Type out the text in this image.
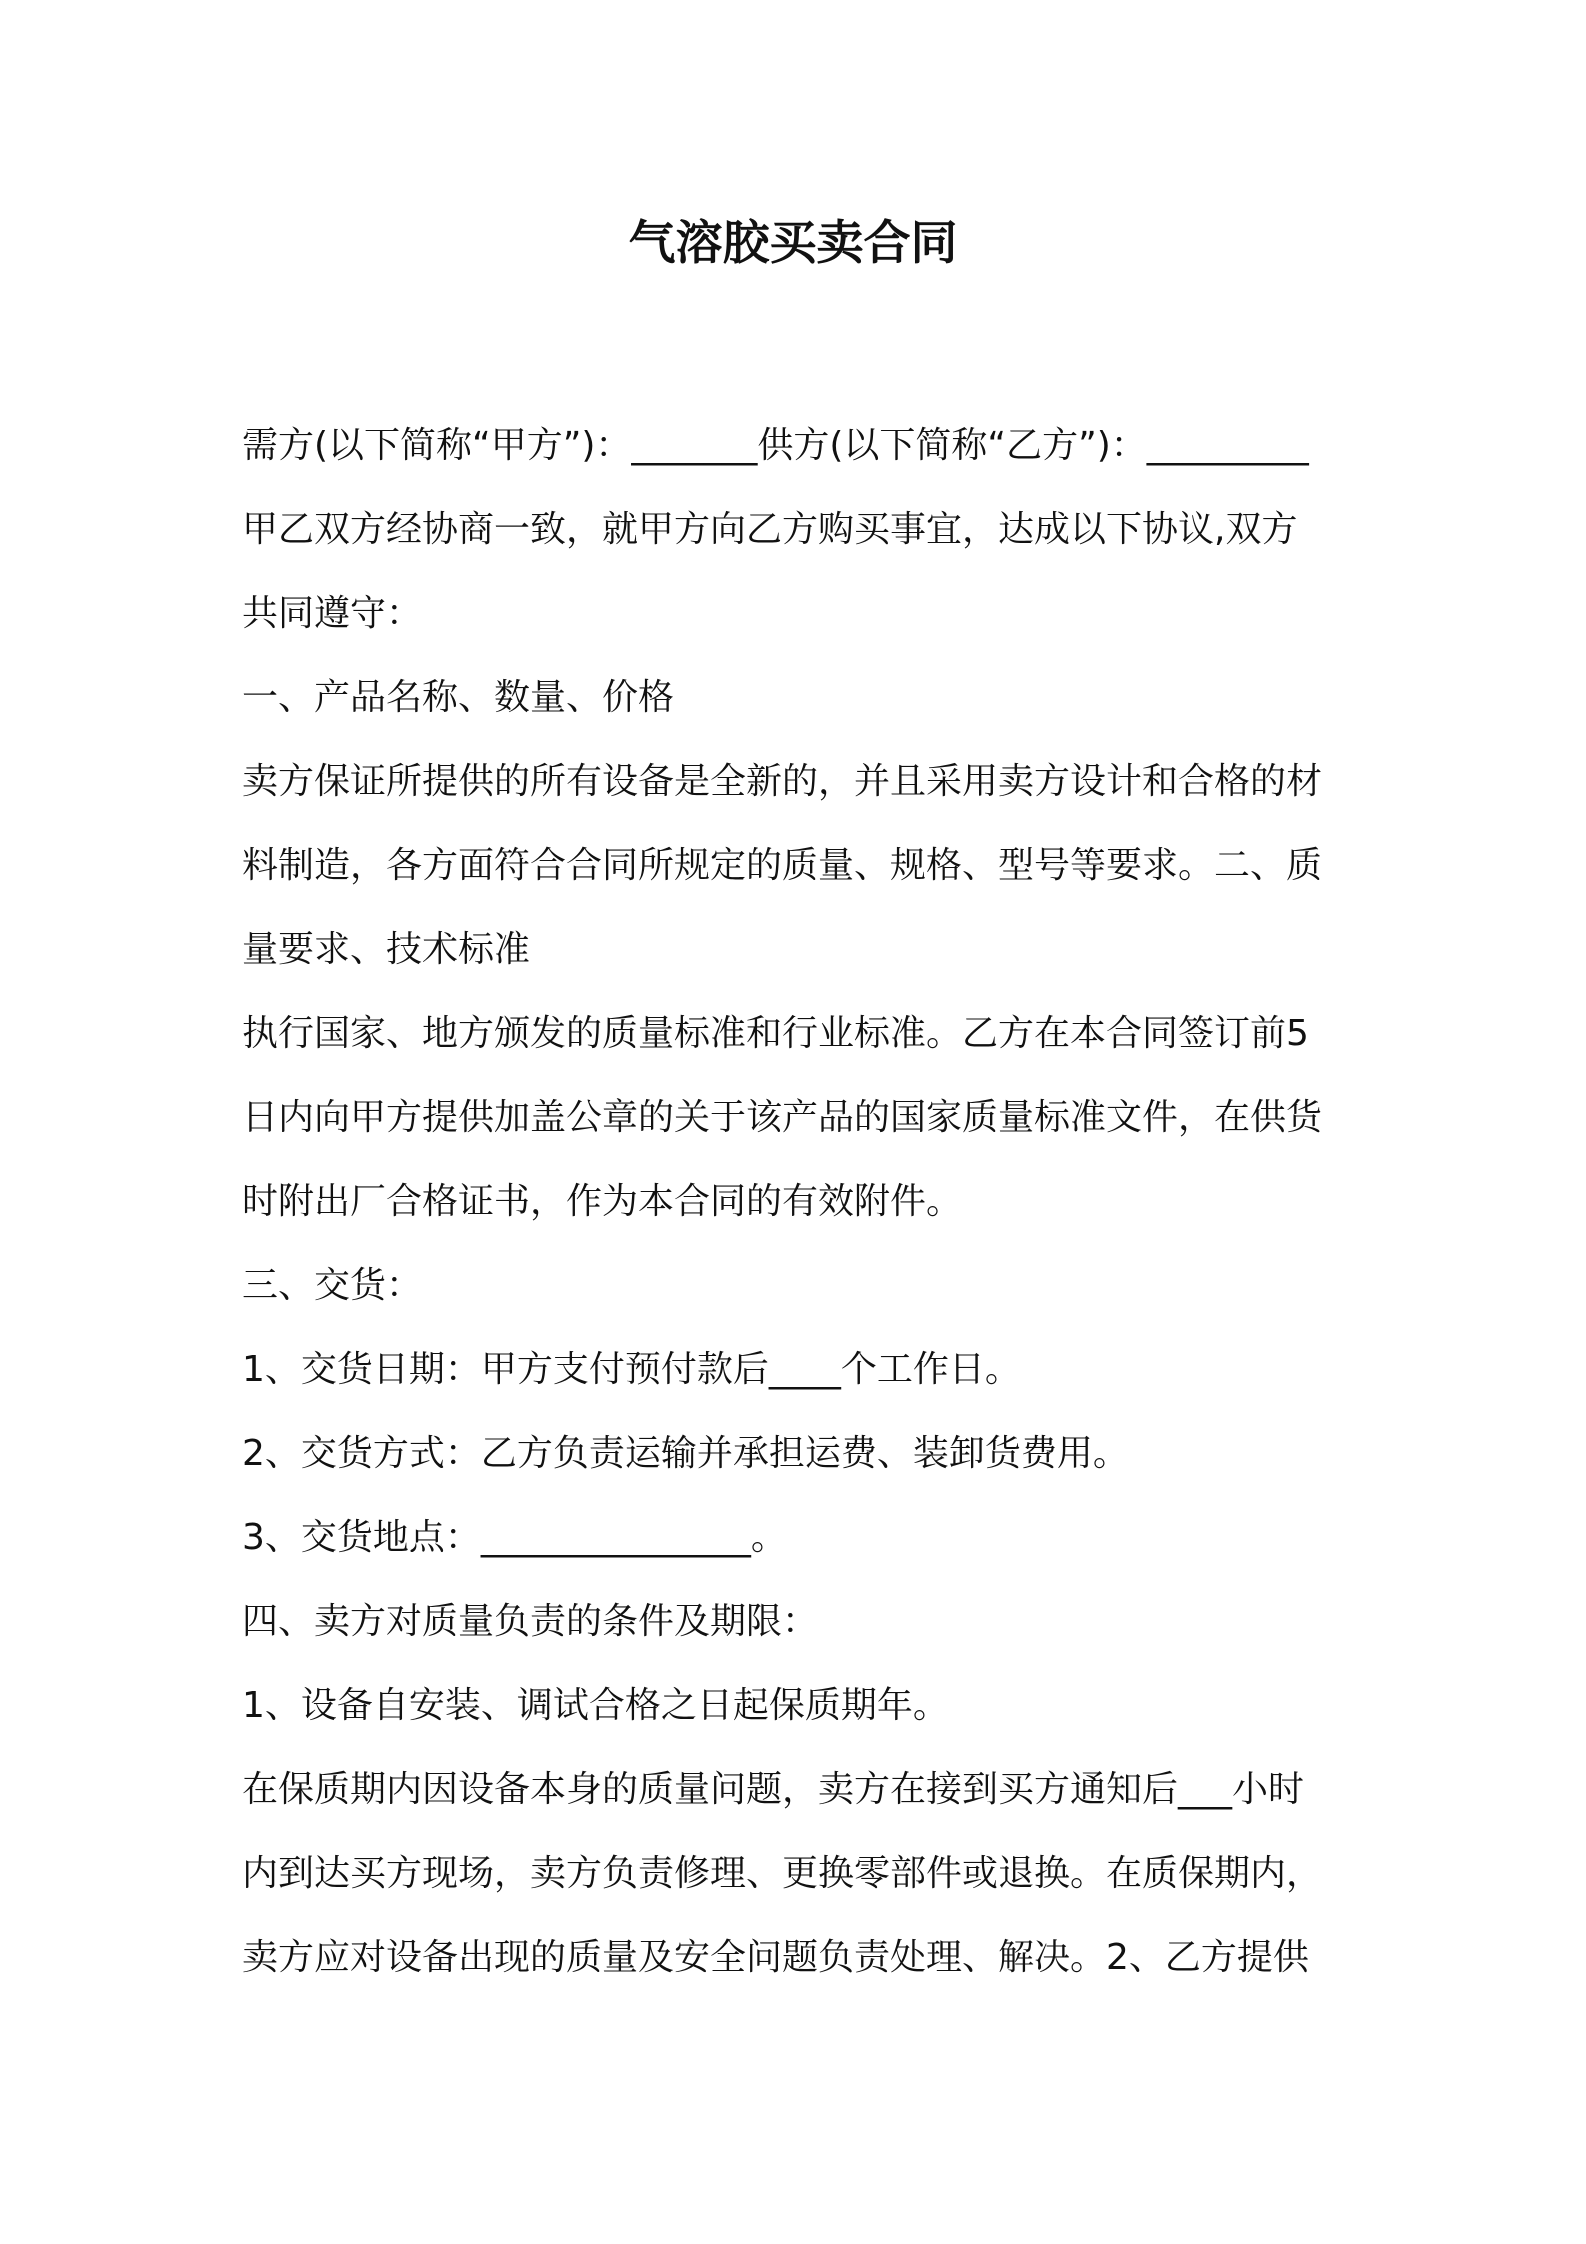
气溶胶买卖合同
需方(以下简称“甲方”)：_______供方(以下简称“乙方”)：_________
甲乙双方经协商一致，就甲方向乙方购买事宜，达成以下协议,双方
共同遵守：
一、产品名称、数量、价格
卖方保证所提供的所有设备是全新的，并且采用卖方设计和合格的材
料制造，各方面符合合同所规定的质量、规格、型号等要求。二、质
量要求、技术标准
执行国家、地方颁发的质量标准和行业标准。乙方在本合同签订前5
日内向甲方提供加盖公章的关于该产品的国家质量标准文件，在供货
时附出厂合格证书，作为本合同的有效附件。
三、交货：
1、交货日期：甲方支付预付款后____个工作日。
2、交货方式：乙方负责运输并承担运费、装卸货费用。
3、交货地点：_______________。
四、卖方对质量负责的条件及期限：
1、设备自安装、调试合格之日起保质期年。
在保质期内因设备本身的质量问题，卖方在接到买方通知后___小时
内到达买方现场，卖方负责修理、更换零部件或退换。在质保期内，
卖方应对设备出现的质量及安全问题负责处理、解决。2、乙方提供
